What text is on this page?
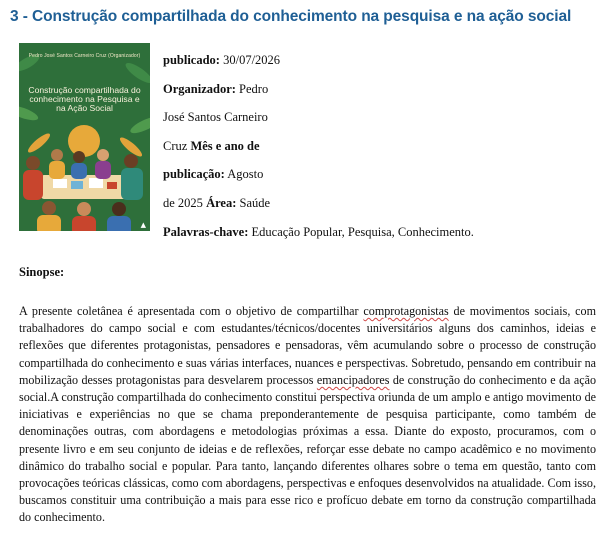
3 - Construção compartilhada do conhecimento na pesquisa e na ação social
Pedro José Santos Carneiro Cruz (Organizador)
Construção compartilhada do conhecimento na Pesquisa e na Ação Social
▲
publicado: 30/07/2026
Organizador: Pedro
José Santos Carneiro
Cruz Mês e ano de
publicação: Agosto
de 2025 Área: Saúde
Palavras-chave: Educação Popular, Pesquisa, Conhecimento.
Sinopse:
A presente coletânea é apresentada com o objetivo de compartilhar comprotagonistas de movimentos sociais, com trabalhadores do campo social e com estudantes/técnicos/docentes universitários alguns dos caminhos, ideias e reflexões que diferentes protagonistas, pensadores e pensadoras, vêm acumulando sobre o processo de construção compartilhada do conhecimento e suas várias interfaces, nuances e perspectivas. Sobretudo, pensando em contribuir na mobilização desses protagonistas para desvelarem processos emancipadores de construção do conhecimento e da ação social.A construção compartilhada do conhecimento constitui perspectiva oriunda de um amplo e antigo movimento de iniciativas e experiências no que se chama preponderantemente de pesquisa participante, como também de denominações outras, com abordagens e metodologias próximas a essa. Diante do exposto, procuramos, com o presente livro e em seu conjunto de ideias e de reflexões, reforçar esse debate no campo acadêmico e no movimento dinâmico do trabalho social e popular. Para tanto, lançando diferentes olhares sobre o tema em questão, tanto com provocações teóricas clássicas, como com abordagens, perspectivas e enfoques desenvolvidos na atualidade. Com isso, buscamos constituir uma contribuição a mais para esse rico e profícuo debate em torno da construção compartilhada do conhecimento.
